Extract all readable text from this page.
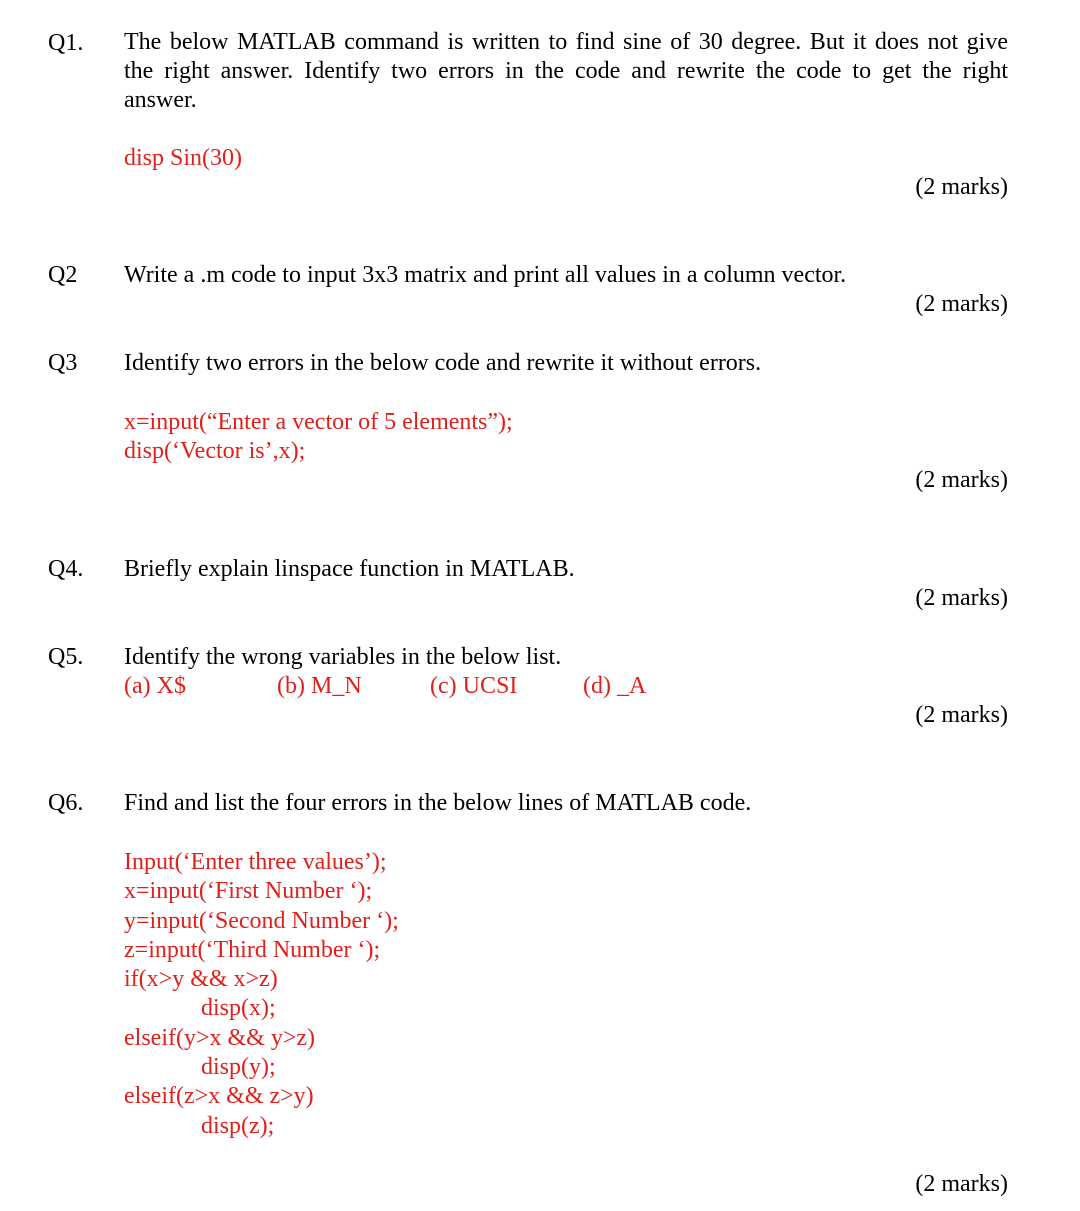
Q1. The below MATLAB command is written to find sine of 30 degree. But it does not give
the right answer. Identify two errors in the code and rewrite the code to get the right
answer.
disp Sin(30)
(2 marks)
Q2 Write a .m code to input 3x3 matrix and print all values in a column vector.
(2 marks)
Q3 Identify two errors in the below code and rewrite it without errors.
x=input(“Enter a vector of 5 elements”);
disp(‘Vector is’,x);
(2 marks)
Q4. Briefly explain linspace function in MATLAB.
(2 marks)
Q5. Identify the wrong variables in the below list.
(a) X$	(b) M_N	(c) UCSI	(d) _A
(2 marks)
Q6. Find and list the four errors in the below lines of MATLAB code.
Input(‘Enter three values’);
x=input(‘First Number ‘);
y=input(‘Second Number ‘);
z=input(‘Third Number ‘);
if(x>y && x>z)
disp(x);
elseif(y>x && y>z)
disp(y);
elseif(z>x && z>y)
disp(z);
(2 marks)
